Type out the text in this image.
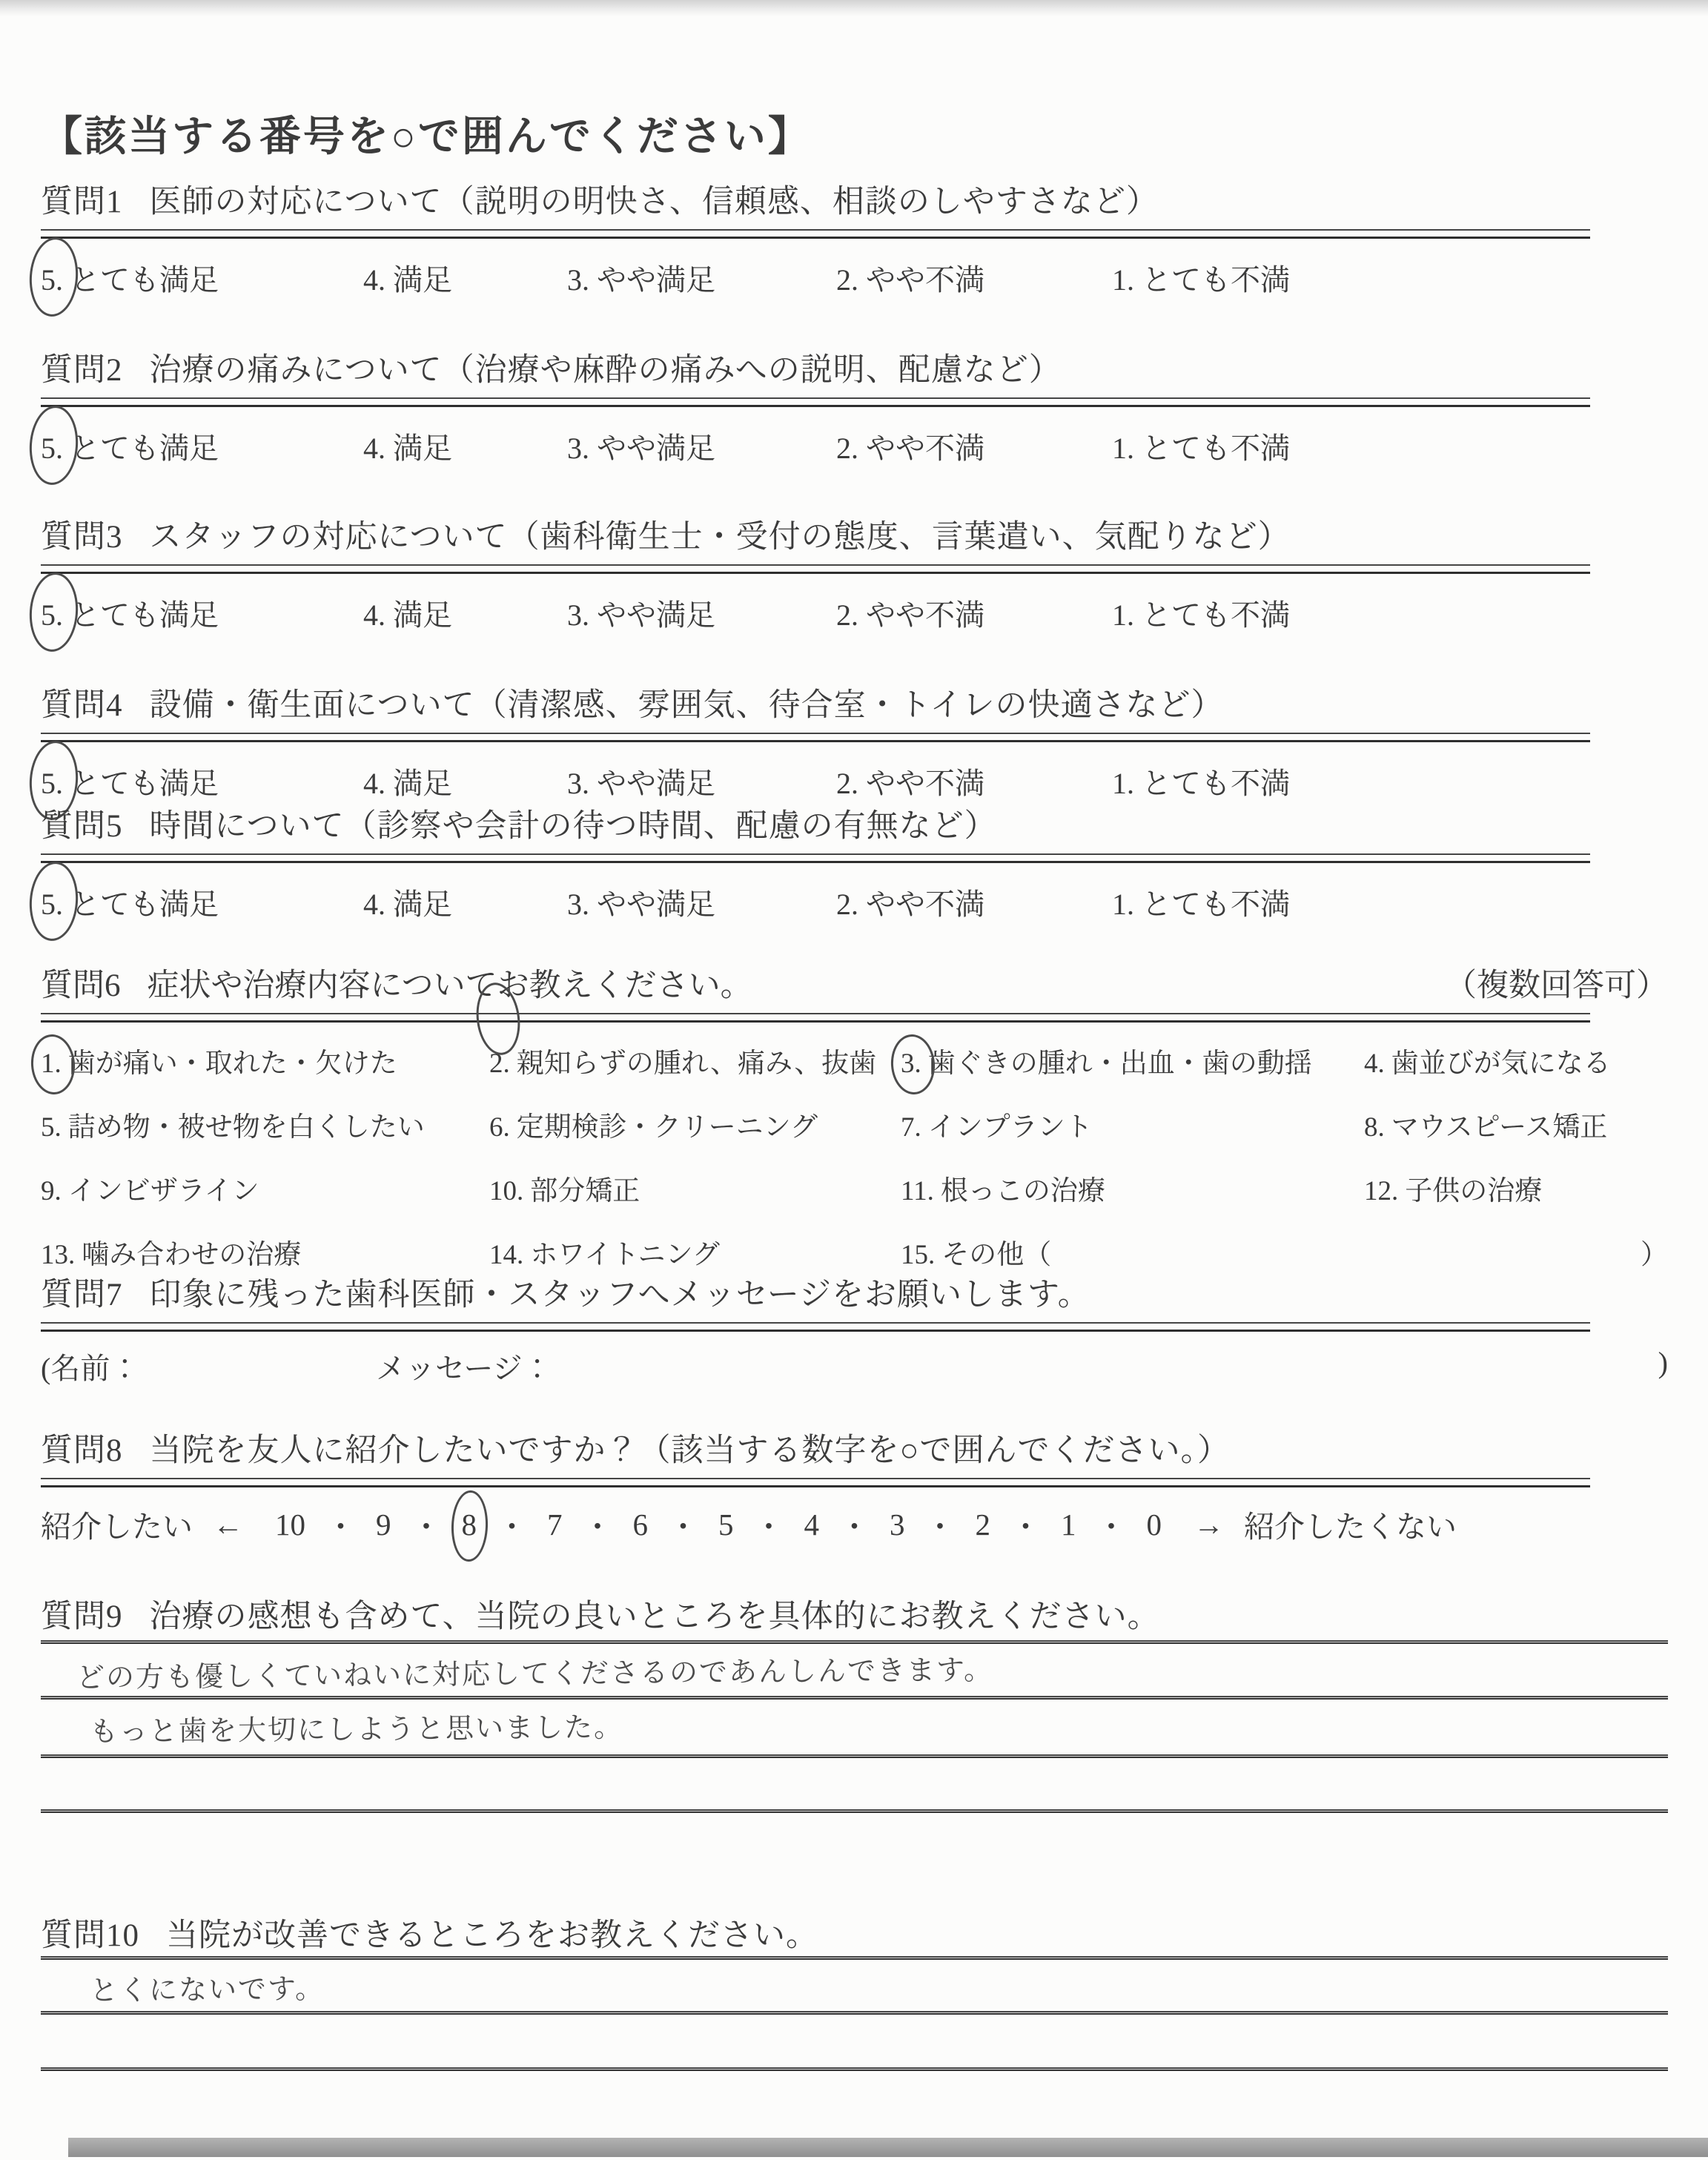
【該当する番号を○で囲んでください】
質問1 医師の対応について（説明の明快さ、信頼感、相談のしやすさなど）
5. とても満足	4. 満足	3. やや満足	2. やや不満	1. とても不満
質問2 治療の痛みについて（治療や麻酔の痛みへの説明、配慮など）
5. とても満足	4. 満足	3. やや満足	2. やや不満	1. とても不満
質問3 スタッフの対応について（歯科衛生士・受付の態度、言葉遣い、気配りなど）
5. とても満足	4. 満足	3. やや満足	2. やや不満	1. とても不満
質問4 設備・衛生面について（清潔感、雰囲気、待合室・トイレの快適さなど）
5. とても満足	4. 満足	3. やや満足	2. やや不満	1. とても不満
質問5 時間について（診察や会計の待つ時間、配慮の有無など）
5. とても満足	4. 満足	3. やや満足	2. やや不満	1. とても不満
質問6 症状や治療内容についてお教えください。	（複数回答可）
1. 歯が痛い・取れた・欠けた	2. 親知らずの腫れ、痛み、抜歯 3. 歯ぐきの腫れ・出血・歯の動揺	4. 歯並びが気になる
5. 詰め物・被せ物を白くしたい	6. 定期検診・クリーニング	7. インプラント	8. マウスピース矯正
9. インビザライン	10. 部分矯正	11. 根っこの治療	12. 子供の治療
13. 噛み合わせの治療	14. ホワイトニング	15. その他（	）
質問7 印象に残った歯科医師・スタッフへメッセージをお願いします。
(名前：	メッセージ：	)
質問8 当院を友人に紹介したいですか？（該当する数字を○で囲んでください。）
紹介したい ← 10 ・ 9 ・ 8 ・ 7 ・ 6 ・ 5 ・ 4 ・ 3 ・ 2 ・ 1 ・ 0 → 紹介したくない
質問9 治療の感想も含めて、当院の良いところを具体的にお教えください。
どの方も優しくていねいに対応してくださるのであんしんできます。
もっと歯を大切にしようと思いました。
質問10 当院が改善できるところをお教えください。
とくにないです。
